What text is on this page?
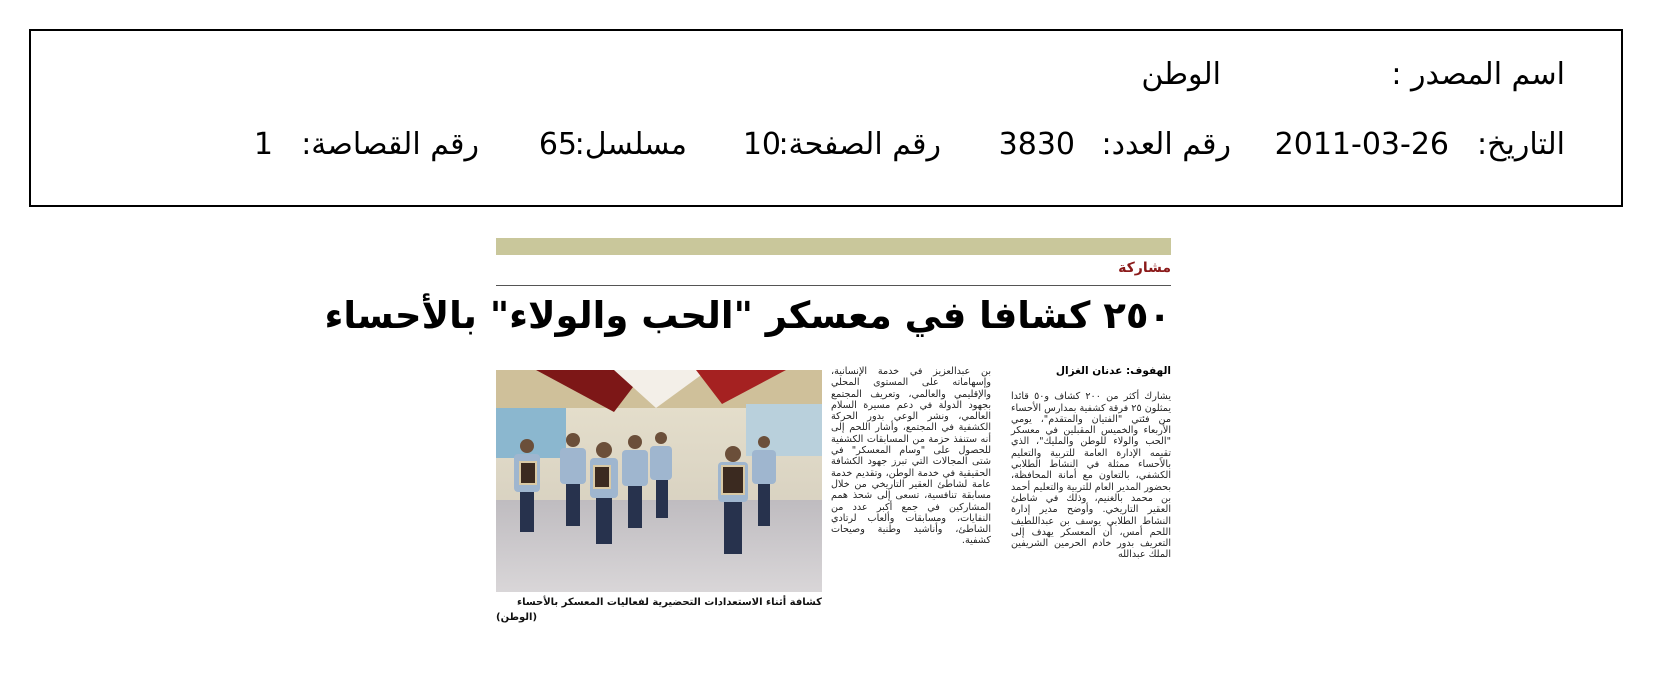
اسم المصدر :
الوطن
التاريخ:
2011-03-26
رقم العدد:
3830
رقم الصفحة:
10
مسلسل:
65
رقم القصاصة:
1
مشاركة
٢٥٠ كشافا في معسكر "الحب والولاء" بالأحساء
الهفوف: عدنان الغزال
يشارك أكثر من ٢٠٠ كشاف و٥٠ قائدا يمثلون ٢٥ فرقة كشفية بمدارس الأحساء من فئتي "الفتيان والمتقدم"، يومي الأربعاء والخميس المقبلين في معسكر "الحب والولاء للوطن والمليك"، الذي تقيمه الإدارة العامة للتربية والتعليم بالأحساء ممثلة في النشاط الطلابي الكشفي، بالتعاون مع أمانة المحافظة، بحضور المدير العام للتربية والتعليم أحمد بن محمد بالغنيم، وذلك في شاطئ العقير التاريخي. وأوضح مدير إدارة النشاط الطلابي يوسف بن عبداللطيف اللحم أمس، أن المعسكر يهدف إلى التعريف بدور خادم الحرمين الشريفين الملك عبدالله
بن عبدالعزيز في خدمة الإنسانية، وإسهاماته على المستوى المحلي والإقليمي والعالمي، وتعريف المجتمع بجهود الدولة في دعم مسيرة السلام العالمي، ونشر الوعي بدور الحركة الكشفية في المجتمع، وأشار اللحم إلى أنه ستنفذ حزمة من المسابقات الكشفية للحصول على "وسام المعسكر" في شتى المجالات التي تبرز جهود الكشافة الحقيقية في خدمة الوطن، وتقديم خدمة عامة لشاطئ العقير التاريخي من خلال مسابقة تنافسية، تسعى إلى شحذ همم المشاركين في جمع أكبر عدد من النفايات، ومسابقات وألعاب لرتادي الشاطئ، وأناشيد وطنية وصيحات كشفية.
كشافة أثناء الاستعدادات التحضيرية لفعاليات المعسكر بالأحساء
(الوطن)
